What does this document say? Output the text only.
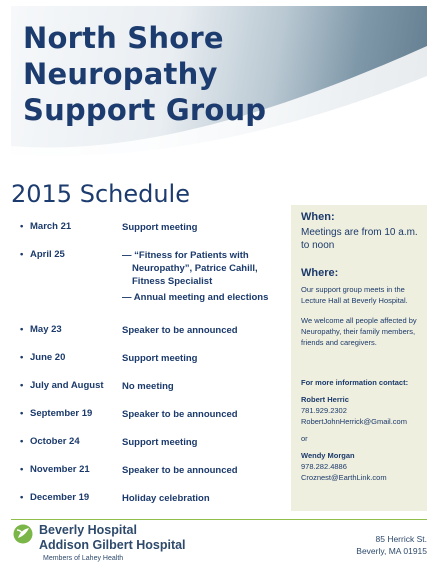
North Shore
Neuropathy
Support Group
2015 Schedule
• March 21	Support meeting
• April 25	— “Fitness for Patients with
Neuropathy”, Patrice Cahill,
Fitness Specialist
— Annual meeting and elections
• May 23	Speaker to be announced
• June 20	Support meeting
• July and August No meeting
• September 19	Speaker to be announced
• October 24	Support meeting
• November 21	Speaker to be announced
• December 19	Holiday celebration

When:

Meetings are from 10 a.m. to noon

Where:

Our support group meets in the Lecture Hall at Beverly Hospital.

We welcome all people affected by Neuropathy, their family members, friends and caregivers.

For more information contact:

Robert Herric

781.929.2302

RobertJohnHerrick@Gmail.com

or

Wendy Morgan

978.282.4886

Croznest@EarthLink.com

Beverly Hospital
Addison Gilbert Hospital
Members of Lahey Health
85 Herrick St.
Beverly, MA 01915
